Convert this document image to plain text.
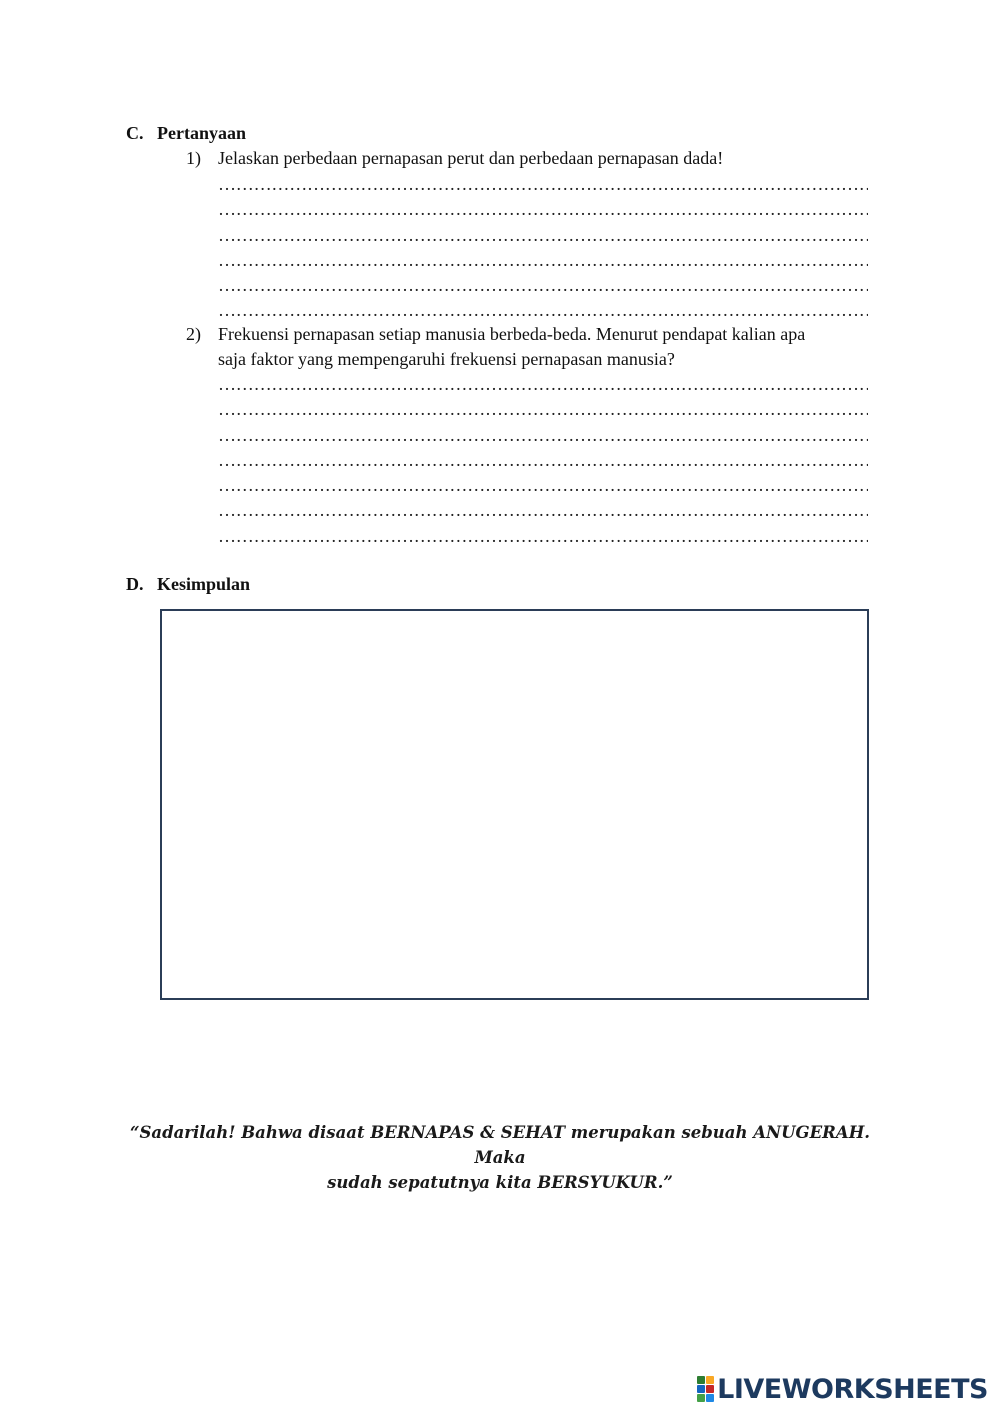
C. Pertanyaan
1) Jelaskan perbedaan pernapasan perut dan perbedaan pernapasan dada!
………………………………………………………………………………………………………………………
………………………………………………………………………………………………………………………
………………………………………………………………………………………………………………………
………………………………………………………………………………………………………………………
………………………………………………………………………………………………………………………
………………………………………………………………………………………………………………………
2) Frekuensi pernapasan setiap manusia berbeda-beda. Menurut pendapat kalian apa
saja faktor yang mempengaruhi frekuensi pernapasan manusia?
………………………………………………………………………………………………………………………
………………………………………………………………………………………………………………………
………………………………………………………………………………………………………………………
………………………………………………………………………………………………………………………
………………………………………………………………………………………………………………………
………………………………………………………………………………………………………………………
………………………………………………………………………………………………………………………
D. Kesimpulan
“Sadarilah! Bahwa disaat BERNAPAS & SEHAT merupakan sebuah ANUGERAH. Maka
sudah sepatutnya kita BERSYUKUR.”
LIVEWORKSHEETS
